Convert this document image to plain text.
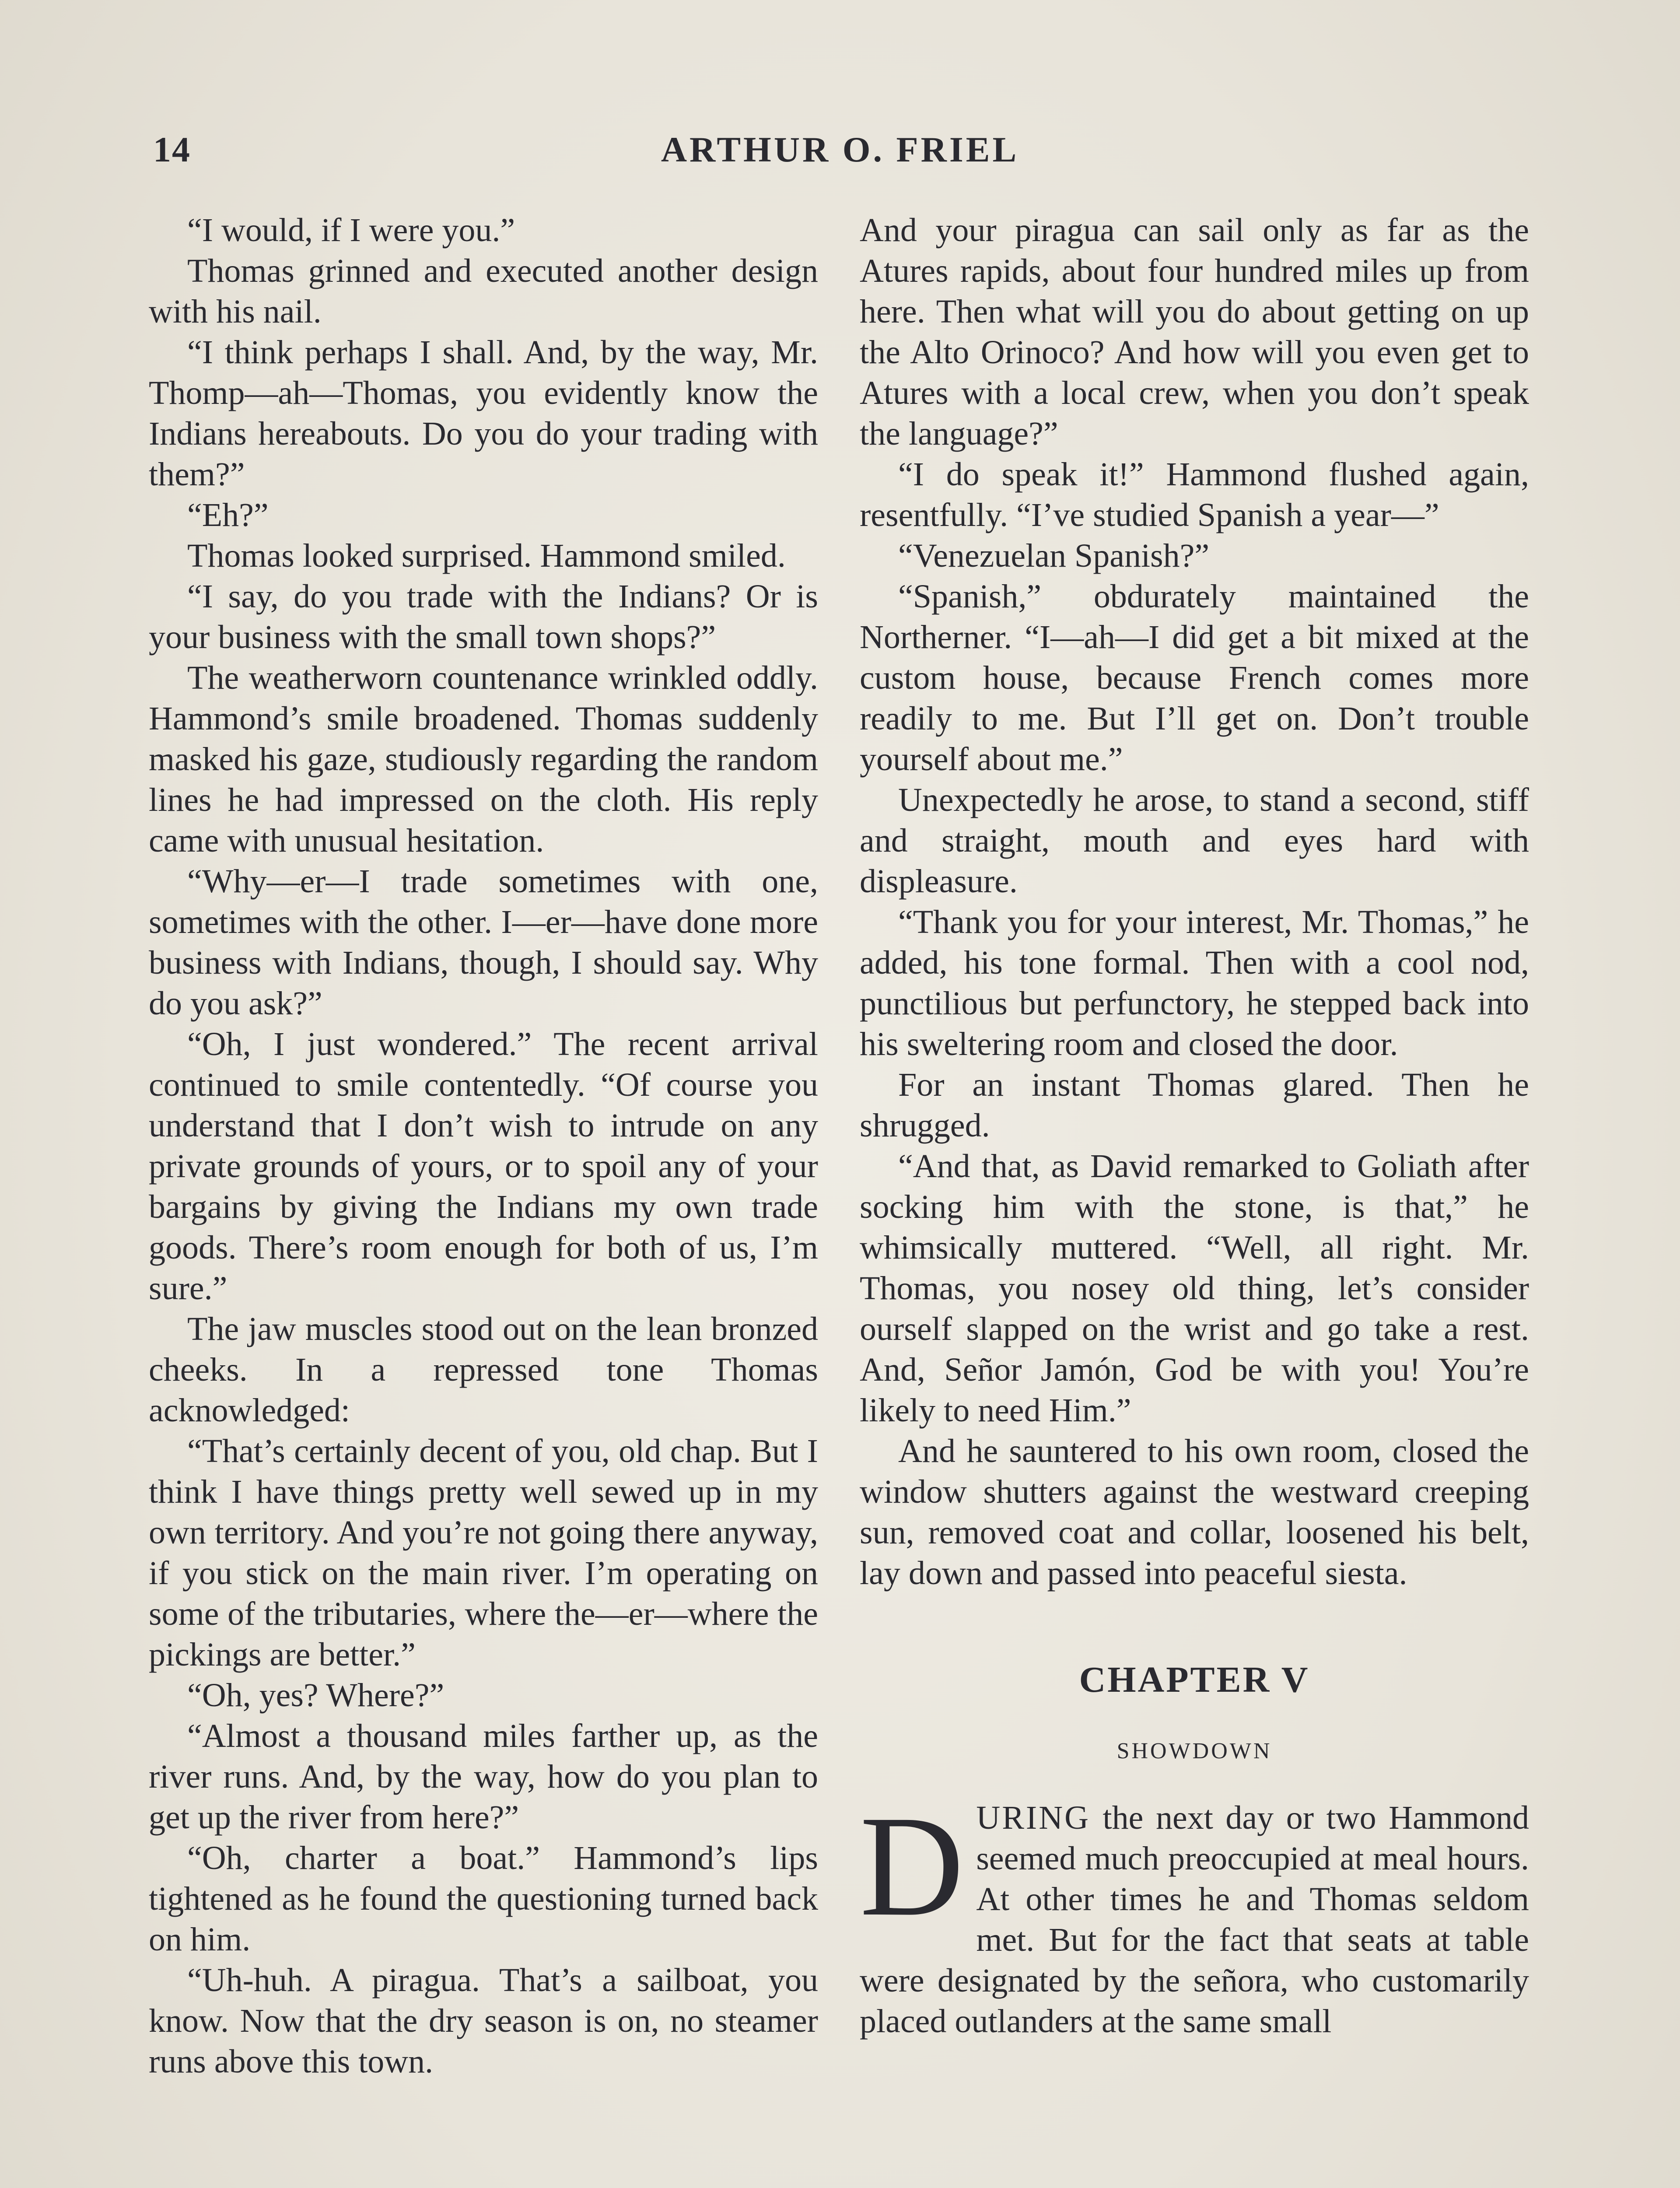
14	ARTHUR O. FRIEL

“I would, if I were you.”

Thomas grinned and executed another design with his nail.

“I think perhaps I shall. And, by the way, Mr. Thomp—ah—Thomas, you evidently know the Indians hereabouts. Do you do your trading with them?”

“Eh?”

Thomas looked surprised. Hammond smiled.

“I say, do you trade with the Indians? Or is your business with the small town shops?”

The weatherworn countenance wrinkled oddly. Hammond’s smile broadened. Thomas suddenly masked his gaze, studiously regarding the random lines he had impressed on the cloth. His reply came with unusual hesitation.

“Why—er—I trade sometimes with one, sometimes with the other. I—er—have done more business with Indians, though, I should say. Why do you ask?”

“Oh, I just wondered.” The recent arrival continued to smile contentedly. “Of course you understand that I don’t wish to intrude on any private grounds of yours, or to spoil any of your bargains by giving the Indians my own trade goods. There’s room enough for both of us, I’m sure.”

The jaw muscles stood out on the lean bronzed cheeks. In a repressed tone Thomas acknowledged:

“That’s certainly decent of you, old chap. But I think I have things pretty well sewed up in my own territory. And you’re not going there anyway, if you stick on the main river. I’m operating on some of the tributaries, where the—er—where the pickings are better.”

“Oh, yes? Where?”

“Almost a thousand miles farther up, as the river runs. And, by the way, how do you plan to get up the river from here?”

“Oh, charter a boat.” Hammond’s lips tightened as he found the questioning turned back on him.

“Uh-huh. A piragua. That’s a sailboat, you know. Now that the dry season is on, no steamer runs above this town.

And your piragua can sail only as far as the Atures rapids, about four hundred miles up from here. Then what will you do about getting on up the Alto Orinoco? And how will you even get to Atures with a local crew, when you don’t speak the language?”

“I do speak it!” Hammond flushed again, resentfully. “I’ve studied Spanish a year—”

“Venezuelan Spanish?”

“Spanish,” obdurately maintained the Northerner. “I—ah—I did get a bit mixed at the custom house, because French comes more readily to me. But I’ll get on. Don’t trouble yourself about me.”

Unexpectedly he arose, to stand a second, stiff and straight, mouth and eyes hard with displeasure.

“Thank you for your interest, Mr. Thomas,” he added, his tone formal. Then with a cool nod, punctilious but perfunctory, he stepped back into his sweltering room and closed the door.

For an instant Thomas glared. Then he shrugged.

“And that, as David remarked to Goliath after socking him with the stone, is that,” he whimsically muttered. “Well, all right. Mr. Thomas, you nosey old thing, let’s consider ourself slapped on the wrist and go take a rest. And, Señor Jamón, God be with you! You’re likely to need Him.”

And he sauntered to his own room, closed the window shutters against the westward creeping sun, removed coat and collar, loosened his belt, lay down and passed into peaceful siesta.

CHAPTER V
SHOWDOWN

DURING the next day or two Hammond seemed much preoccupied at meal hours. At other times he and Thomas seldom met. But for the fact that seats at table were designated by the señora, who customarily placed outlanders at the same small
